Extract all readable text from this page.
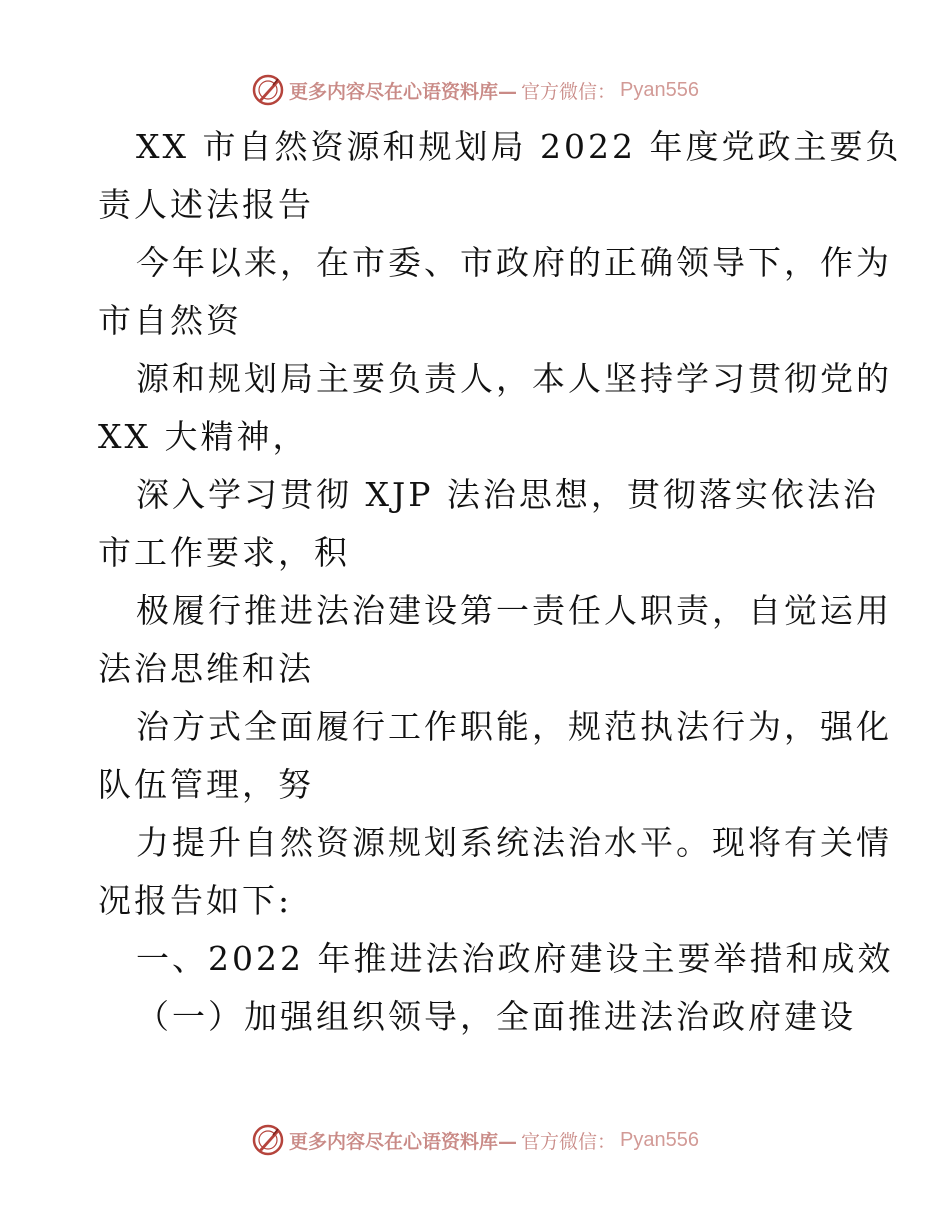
更多内容尽在心语资料库— 官方微信： Pyan556
XX 市自然资源和规划局 2022 年度党政主要负
责人述法报告
今年以来，在市委、市政府的正确领导下，作为
市自然资
源和规划局主要负责人，本人坚持学习贯彻党的
XX 大精神，
深入学习贯彻 XJP 法治思想，贯彻落实依法治
市工作要求，积
极履行推进法治建设第一责任人职责，自觉运用
法治思维和法
治方式全面履行工作职能，规范执法行为，强化
队伍管理，努
力提升自然资源规划系统法治水平。现将有关情
况报告如下:
一、2022 年推进法治政府建设主要举措和成效
（一）加强组织领导，全面推进法治政府建设
更多内容尽在心语资料库— 官方微信： Pyan556
